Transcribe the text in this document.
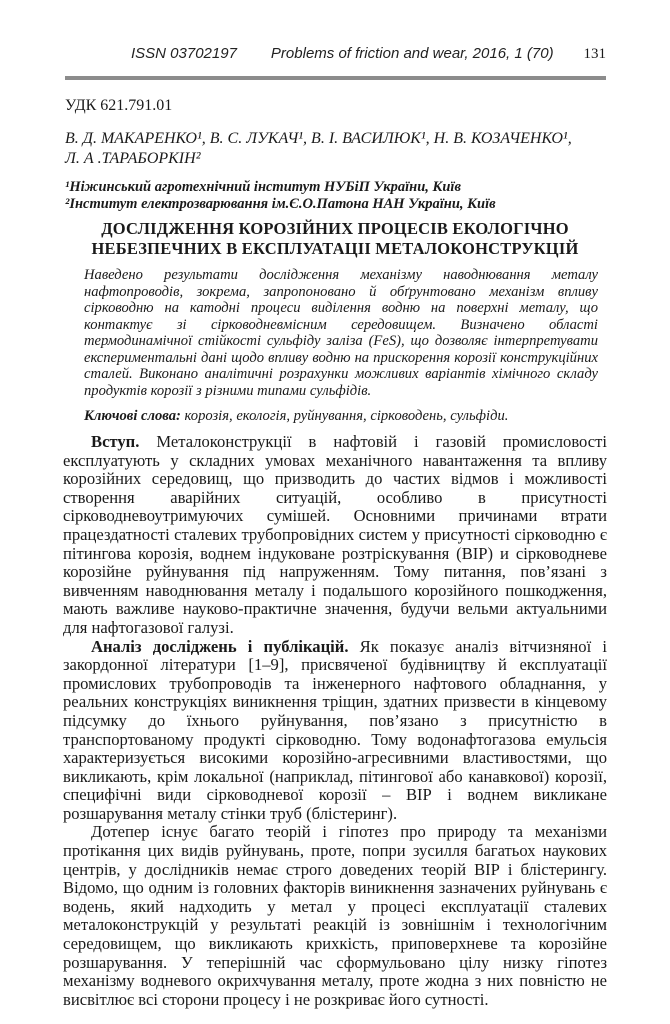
ISSN 03702197 Problems of friction and wear, 2016, 1 (70) 131
УДК 621.791.01
В. Д. МАКАРЕНКО¹, В. С. ЛУКАЧ¹, В. І. ВАСИЛЮК¹, Н. В. КОЗАЧЕНКО¹,
Л. А .ТАРАБОРКІН²
¹Ніжинський агротехнічний інститут НУБіП України, Київ
²Інститут електрозварювання ім.Є.О.Патона НАН України, Київ
ДОСЛІДЖЕННЯ КОРОЗІЙНИХ ПРОЦЕСІВ ЕКОЛОГІЧНО
НЕБЕЗПЕЧНИХ В ЕКСПЛУАТАЦІІ МЕТАЛОКОНСТРУКЦІЙ

Наведено результати дослідження механізму наводнювання металу нафтопроводів, зокрема, запропоновано й обґрунтовано механізм впливу сірководню на катодні процеси виділення водню на поверхні металу, що контактує зі сірководневмісним середовищем. Визначено області термодинамічної стійкості сульфіду заліза (FeS), що дозволяє інтерпретувати експериментальні дані щодо впливу водню на прискорення корозії конструкційних сталей. Виконано аналітичні розрахунки можливих варіантів хімічного складу продуктів корозії з різними типами сульфідів.

Ключові слова: корозія, екологія, руйнування, сірководень, сульфіди.

Вступ. Металоконструкції в нафтовій і газовій промисловості експлуатують у складних умовах механічного навантаження та впливу корозійних середовищ, що призводить до частих відмов і можливості створення аварійних ситуацій, особливо в присутності сірководневоутримуючих сумішей. Основними причинами втрати працездатності сталевих трубопровідних систем у присутності сірководню є пітингова корозія, воднем індуковане розтріскування (ВІР) и сірководневе корозійне руйнування під напруженням. Тому питання, пов’язані з вивченням наводнювання металу і подальшого корозійного пошкодження, мають важливе науково-практичне значення, будучи вельми актуальними для нафтогазової галузі.

Аналіз досліджень і публікацій. Як показує аналіз вітчизняної і закордонної літератури [1–9], присвяченої будівництву й експлуатації промислових трубопроводів та інженерного нафтового обладнання, у реальних конструкціях виникнення тріщин, здатних призвести в кінцевому підсумку до їхнього руйнування, пов’язано з присутністю в транспортованому продукті сірководню. Тому водонафтогазова емульсія характеризується високими корозійно-агресивними властивостями, що викликають, крім локальної (наприклад, пітингової або канавкової) корозії, специфічні види сірководневої корозії – ВІР і воднем викликане розшарування металу стінки труб (блістеринг).

Дотепер існує багато теорій і гіпотез про природу та механізми протікання цих видів руйнувань, проте, попри зусилля багатьох наукових центрів, у дослідників немає строго доведених теорій ВІР і блістерингу. Відомо, що одним із головних факторів виникнення зазначених руйнувань є водень, який надходить у метал у процесі експлуатації сталевих металоконструкцій у результаті реакцій із зовнішнім і технологічним середовищем, що викликають крихкість, приповерхневе та корозійне розшарування. У теперішній час сформульовано цілу низку гіпотез механізму водневого окрихчування металу, проте жодна з них повністю не висвітлює всі сторони процесу і не розкриває його сутності.
